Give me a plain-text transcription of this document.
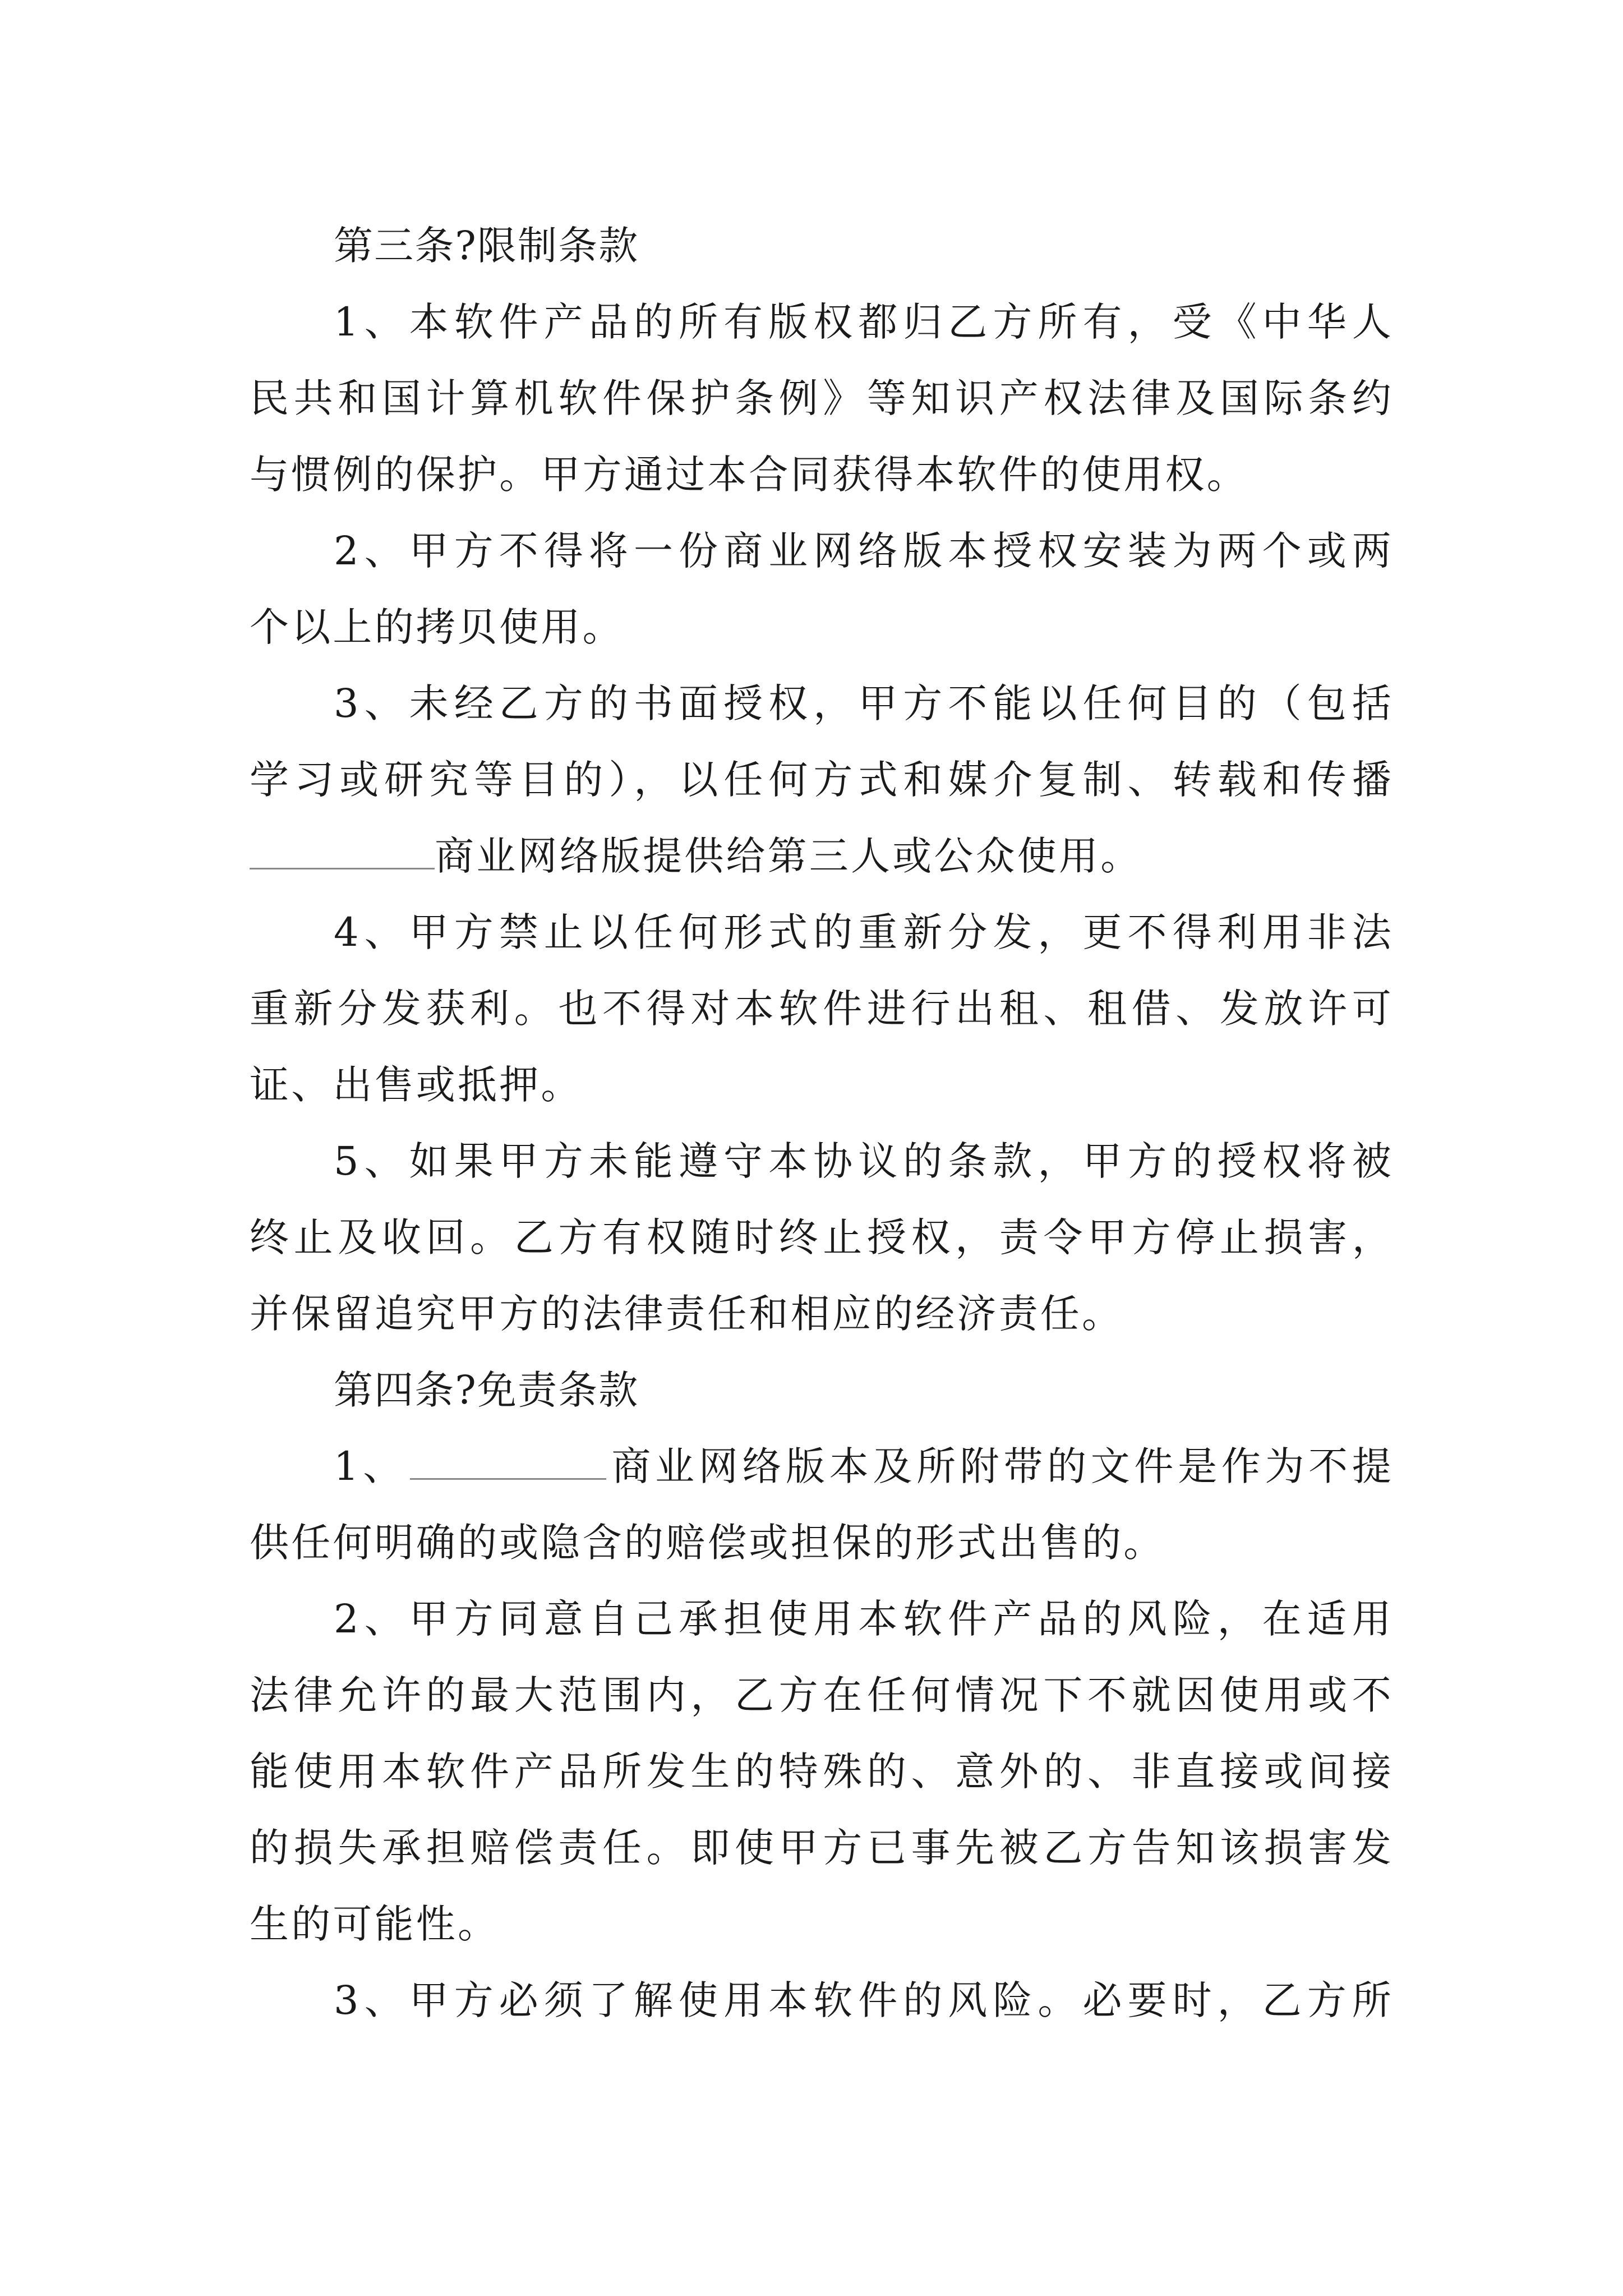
第三条?限制条款
1、本软件产品的所有版权都归乙方所有，受《中华人
民共和国计算机软件保护条例》等知识产权法律及国际条约
与惯例的保护。甲方通过本合同获得本软件的使用权。
2、甲方不得将一份商业网络版本授权安装为两个或两
个以上的拷贝使用。
3、未经乙方的书面授权，甲方不能以任何目的（包括
学习或研究等目的），以任何方式和媒介复制、转载和传播
商业网络版提供给第三人或公众使用。
4、甲方禁止以任何形式的重新分发，更不得利用非法
重新分发获利。也不得对本软件进行出租、租借、发放许可
证、出售或抵押。
5、如果甲方未能遵守本协议的条款，甲方的授权将被
终止及收回。乙方有权随时终止授权，责令甲方停止损害，
并保留追究甲方的法律责任和相应的经济责任。
第四条?免责条款
1、	商业网络版本及所附带的文件是作为不提
供任何明确的或隐含的赔偿或担保的形式出售的。
2、甲方同意自己承担使用本软件产品的风险，在适用
法律允许的最大范围内，乙方在任何情况下不就因使用或不
能使用本软件产品所发生的特殊的、意外的、非直接或间接
的损失承担赔偿责任。即使甲方已事先被乙方告知该损害发
生的可能性。
3、甲方必须了解使用本软件的风险。必要时，乙方所
